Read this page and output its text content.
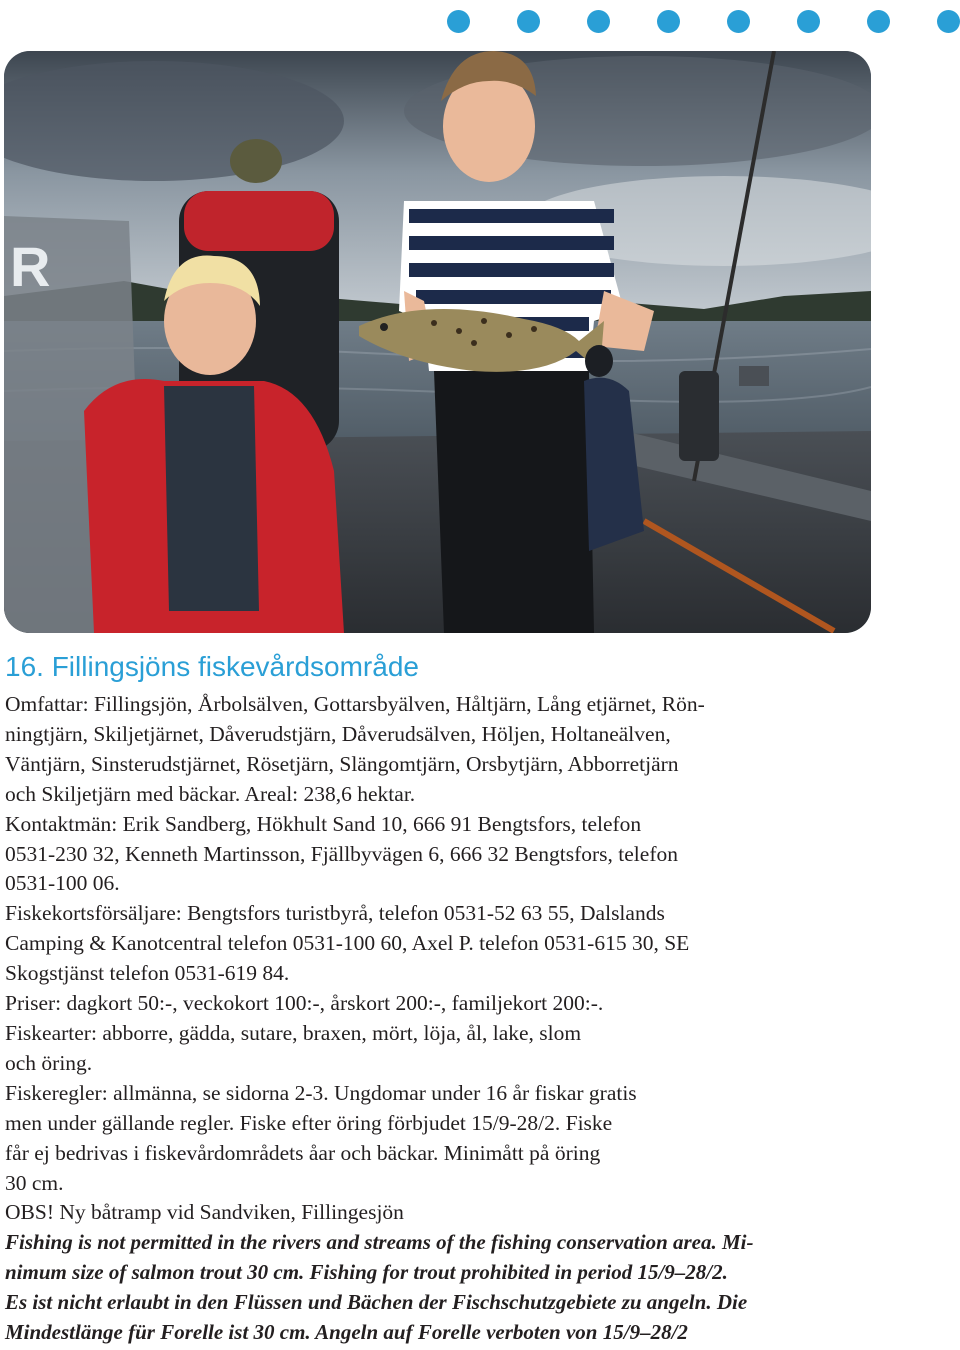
R
16. Fillingsjöns fiskevårdsområde
Omfattar: Fillingsjön, Årbolsälven, Gottarsbyälven, Håltjärn, Lång etjärnet, Rön-
ningtjärn, Skiljetjärnet, Dåverudstjärn, Dåverudsälven, Höljen, Holtaneälven,
Väntjärn, Sinsterudstjärnet, Rösetjärn, Slängomtjärn, Orsbytjärn, Abborretjärn
och Skiljetjärn med bäckar. Areal: 238,6 hektar.
Kontaktmän: Erik Sandberg, Hökhult Sand 10, 666 91 Bengtsfors, telefon
0531-230 32, Kenneth Martinsson, Fjällbyvägen 6, 666 32 Bengtsfors, telefon
0531-100 06.
Fiskekortsförsäljare: Bengtsfors turistbyrå, telefon 0531-52 63 55, Dalslands
Camping & Kanotcentral telefon 0531-100 60, Axel P. telefon 0531-615 30, SE
Skogstjänst telefon 0531-619 84.
Priser: dagkort 50:-, veckokort 100:-, årskort 200:-, familjekort 200:-.
Fiskearter: abborre, gädda, sutare, braxen, mört, löja, ål, lake, slom
och öring.
Fiskeregler: allmänna, se sidorna 2-3. Ungdomar under 16 år fiskar gratis
men under gällande regler. Fiske efter öring förbjudet 15/9-28/2. Fiske
får ej bedrivas i fiskevårdområdets åar och bäckar. Minimått på öring
30 cm.
OBS! Ny båtramp vid Sandviken, Fillingesjön
Fishing is not permitted in the rivers and streams of the fishing conservation area. Mi-
nimum size of salmon trout 30 cm. Fishing for trout prohibited in period 15/9–28/2.
Es ist nicht erlaubt in den Flüssen und Bächen der Fischschutzgebiete zu angeln. Die
Mindestlänge für Forelle ist 30 cm. Angeln auf Forelle verboten von 15/9–28/2
